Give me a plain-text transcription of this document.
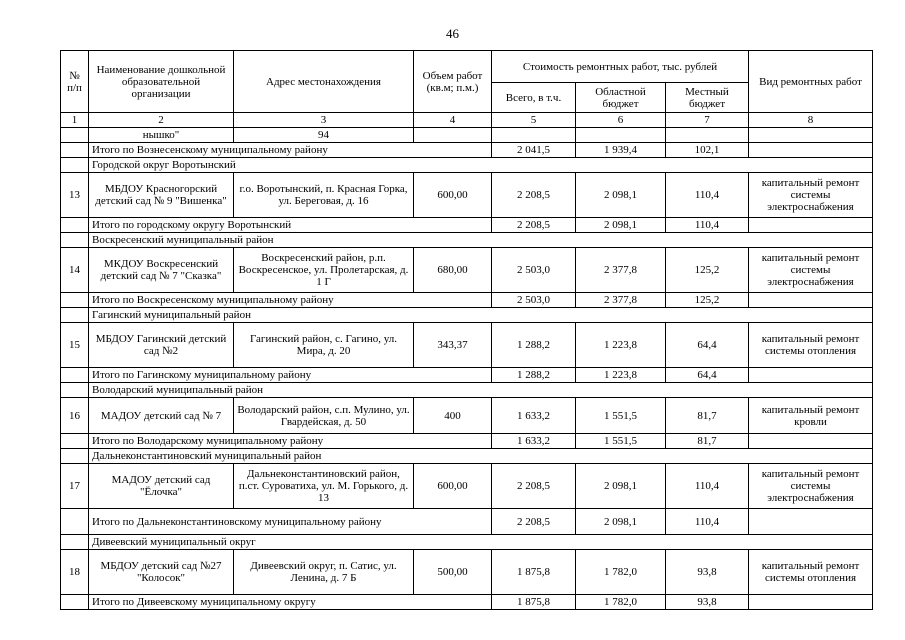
46
№ п/п	Наименование дошкольной образовательной организации	Адрес местонахождения	Объем работ (кв.м; п.м.)	Стоимость ремонтных работ, тыс. рублей			Вид ремонтных работ
				Всего, в т.ч.	Областной бюджет	Местный бюджет	
1	2	3	4	5	6	7	8
	нышко"	94					
	Итого по Вознесенскому муниципальному району			2 041,5	1 939,4	102,1	
	Городской округ Воротынский						
13	МБДОУ Красногорский детский сад № 9 "Вишенка"	г.о. Воротынский, п. Красная Горка, ул. Береговая, д. 16	600,00	2 208,5	2 098,1	110,4	капитальный ремонт системы электроснабжения
	Итого по городскому округу Воротынский			2 208,5	2 098,1	110,4	
	Воскресенский муниципальный район						
14	МКДОУ Воскресенский детский сад № 7 "Сказка"	Воскресенский район, р.п. Воскресенское, ул. Пролетарская, д. 1 Г	680,00	2 503,0	2 377,8	125,2	капитальный ремонт системы электроснабжения
	Итого по Воскресенскому муниципальному району			2 503,0	2 377,8	125,2	
	Гагинский муниципальный район						
15	МБДОУ Гагинский детский сад №2	Гагинский район, с. Гагино, ул. Мира, д. 20	343,37	1 288,2	1 223,8	64,4	капитальный ремонт системы отопления
	Итого по Гагинскому муниципальному району			1 288,2	1 223,8	64,4	
	Володарский муниципальный район						
16	МАДОУ детский сад № 7	Володарский район, с.п. Мулино, ул. Гвардейская, д. 50	400	1 633,2	1 551,5	81,7	капитальный ремонт кровли
	Итого по Володарскому муниципальному району			1 633,2	1 551,5	81,7	
	Дальнеконстантиновский муниципальный район						
17	МАДОУ детский сад "Ёлочка"	Дальнеконстантиновский район, п.ст. Суроватиха, ул. М. Горького, д. 13	600,00	2 208,5	2 098,1	110,4	капитальный ремонт системы электроснабжения
	Итого по Дальнеконстантиновскому муниципальному району			2 208,5	2 098,1	110,4	
	Дивеевский муниципальный округ						
18	МБДОУ детский сад №27 "Колосок"	Дивеевский округ, п. Сатис, ул. Ленина, д. 7 Б	500,00	1 875,8	1 782,0	93,8	капитальный ремонт системы отопления
	Итого по Дивеевскому муниципальному округу			1 875,8	1 782,0	93,8	
